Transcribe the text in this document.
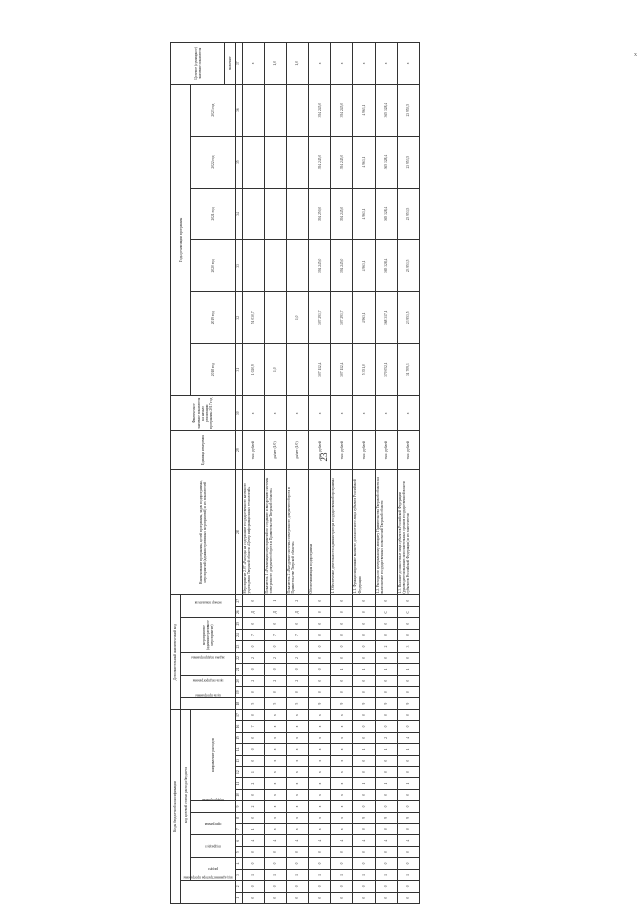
23
х
Коды бюджетной классификации																	Дополнительный аналитический код										Наименование программы, целей программы, задач подпрограммы, мероприятий (административных мероприятий) и их показателей	Единица измерения	Фактическое значение показателя на начало реализации программы 2017 год	Годы реализации программы						Целевое (суммарное) значение показателя
код администратора программы		код целевой статьи расхода бюджета															цель программы	цель подпрограммы		задача подпрограммы		мероприятие (административное мероприятие)			номер показателя											
		раздел		подраздел		программа		подпрограмма	направление расходов																					2018 год	2019 год	2020 год	2021 год	2022 год	2023 год	
																																				значение
1	2	3	4	5	6	7	8	9	10	11	12	13	14	15	16	17	18	19	20	21	22	23	24	25	26	27	28	29	30	31	32	33	34	35	36	37
0	0	1	0	0	4	1	0	2	0	2	1	0	0	0	7	0	5	0	2	0	2	0	7	0	Д	0	Мероприятие 2.07 «Расходы на содержание государственного казенного учреждения Тверской области «Центр информационных технологий»	тыс. рублей	х	1 020,9	51 030,7					х
0	0	1	0	0	4	х	х	х	х	х	х	х	х	х	х	х	5	0	2	0	2	0	7	0	Д	1	Показатель 1 «Реализация мероприятий по созданию и внедрению системы электронного документооборота в Правительстве Тверской области»	да/нет (1/0)	х	1,0						1,0
0	0	1	0	0	4	х	х	х	х	х	х	х	х	х	х	х	5	0	2	0	2	0	7	0	Д	2	Показатель 2 «Внедрение системы электронного документооборота в Правительстве Тверской области»	да/нет (1/0)	х		1,0					1,0
0	0	1	0	0	4	х	х	х	х	х	х	х	х	х	х	х	9	0	0	0	0	0	0	0	0	0	Обеспечивающая подпрограмма	тыс. рублей	х	307 112,4	307 293,7	394 245,0	394 250,0	394 245,0	394 245,0	х
0	0	1	0	0	4	х	х	х	х	х	х	х	х	х	х	х	9	0	0	1	0	0	0	0	0	0	1. Обеспечение деятельности администратора государственной программы	тыс. рублей	х	307 112,4	307 293,7	394 245,0	394 245,0	394 245,0	394 245,0	х
0	0	1	0	0	4	0	9	0	0	1	0	0	1	0	0	0	9	0	0	1	0	0	0	0	0	0	1.1. Функционирование высшего должностного лица субъекта Российской Федерации	тыс. рублей	х	5 351,0	4 963,1	4 963,1	4 963,1	4 963,1	4 963,1	х
0	0	1	0	0	4	0	9	0	0	1	0	0	1	2	0	0	9	0	0	1	0	2	0	0	С	0	1.2. Расходы по центральному аппарату Правительства Тверской области на выполнение государственных полномочий Тверской области	тыс. рублей	х	370 052,1	368 317,1	365 328,4	365 328,4	365 328,4	365 328,4	х
0	0	1	0	0	4	0	9	0	0	1	0	0	1	4	0	0	9	0	0	1	0	3	0	0	С	0	1.3. Высшие должностные лица субъектов Российской Федерации (руководители высших исполнительных органов государственной власти субъектов Российской Федерации) и их заместители	тыс. рублей	х	31 709,3	23 953,5	23 953,5	23 953,5	23 953,5	23 953,5	х
